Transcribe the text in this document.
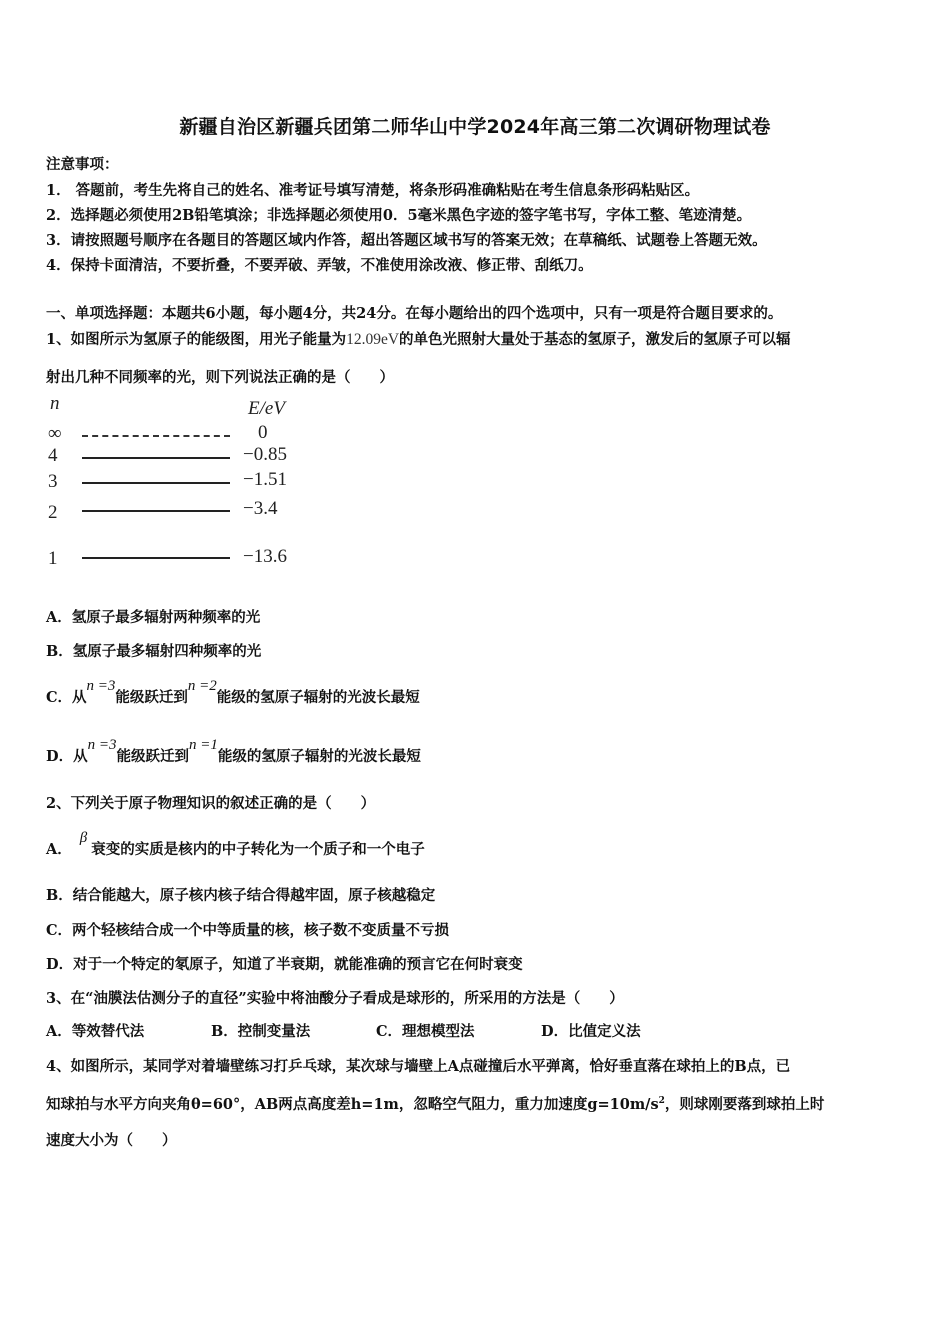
新疆自治区新疆兵团第二师华山中学2024年高三第二次调研物理试卷
注意事项：
1． 答题前，考生先将自己的姓名、准考证号填写清楚，将条形码准确粘贴在考生信息条形码粘贴区。
2．选择题必须使用2B铅笔填涂；非选择题必须使用0．5毫米黑色字迹的签字笔书写，字体工整、笔迹清楚。
3．请按照题号顺序在各题目的答题区域内作答，超出答题区域书写的答案无效；在草稿纸、试题卷上答题无效。
4．保持卡面清洁，不要折叠，不要弄破、弄皱，不准使用涂改液、修正带、刮纸刀。
一、单项选择题：本题共6小题，每小题4分，共24分。在每小题给出的四个选项中，只有一项是符合题目要求的。
1、如图所示为氢原子的能级图，用光子能量为12.09eV的单色光照射大量处于基态的氢原子，激发后的氢原子可以辐
射出几种不同频率的光，则下列说法正确的是（　　）
n	E/eV
∞	0
4	−0.85
3	−1.51
2	−3.4
1	−13.6
A．氢原子最多辐射两种频率的光
B．氢原子最多辐射四种频率的光
C．从n =3能级跃迁到n =2能级的氢原子辐射的光波长最短
D．从n =3能级跃迁到n =1能级的氢原子辐射的光波长最短
2、下列关于原子物理知识的叙述正确的是（　　）
A．β衰变的实质是核内的中子转化为一个质子和一个电子
B．结合能越大，原子核内核子结合得越牢固，原子核越稳定
C．两个轻核结合成一个中等质量的核，核子数不变质量不亏损
D．对于一个特定的氡原子，知道了半衰期，就能准确的预言它在何时衰变
3、在“油膜法估测分子的直径”实验中将油酸分子看成是球形的，所采用的方法是（　　）
A．等效替代法	B．控制变量法	C．理想模型法	D．比值定义法
4、如图所示，某同学对着墙壁练习打乒乓球，某次球与墙壁上A点碰撞后水平弹离，恰好垂直落在球拍上的B点，已
知球拍与水平方向夹角θ=60°，AB两点高度差h=1m，忽略空气阻力，重力加速度$g=10m/s^2$，则球刚要落到球拍上时
速度大小为（　　）
